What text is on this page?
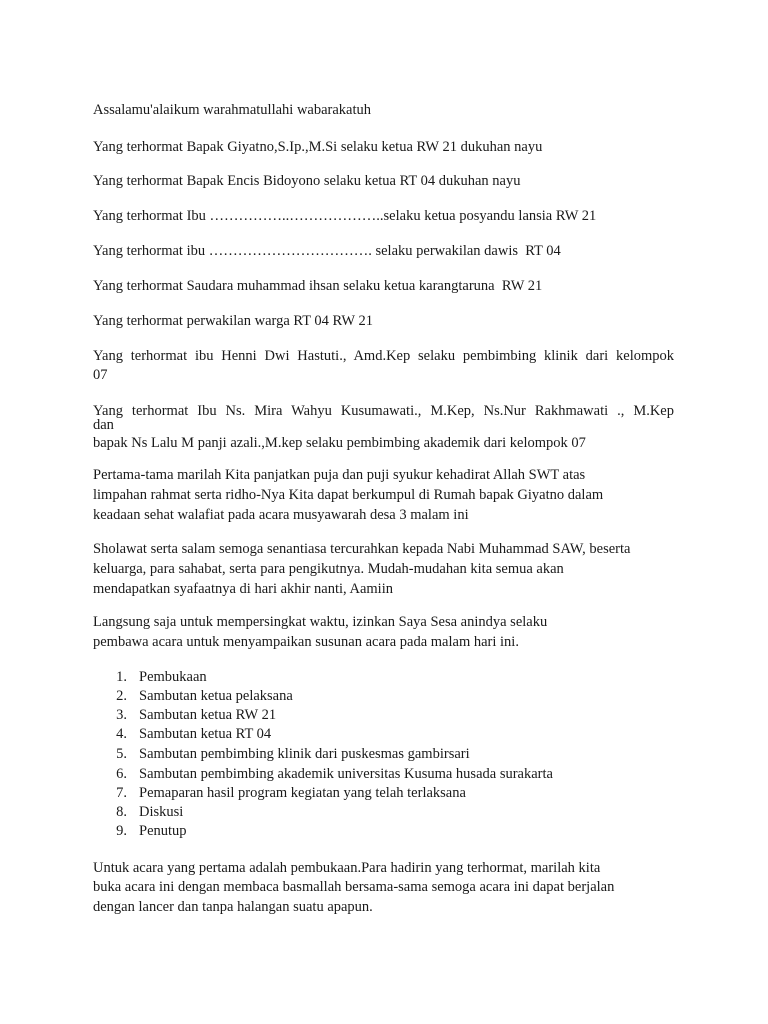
Assalamu'alaikum warahmatullahi wabarakatuh
Yang terhormat Bapak Giyatno,S.Ip.,M.Si selaku ketua RW 21 dukuhan nayu
Yang terhormat Bapak Encis Bidoyono selaku ketua RT 04 dukuhan nayu
Yang terhormat Ibu ……………..………………..selaku ketua posyandu lansia RW 21
Yang terhormat ibu ……………………………. selaku perwakilan dawis  RT 04
Yang terhormat Saudara muhammad ihsan selaku ketua karangtaruna  RW 21
Yang terhormat perwakilan warga RT 04 RW 21
Yang terhormat ibu Henni Dwi Hastuti., Amd.Kep selaku pembimbing klinik dari kelompok
07
Yang terhormat Ibu Ns. Mira Wahyu Kusumawati., M.Kep, Ns.Nur Rakhmawati ., M.Kep
dan
bapak Ns Lalu M panji azali.,M.kep selaku pembimbing akademik dari kelompok 07
Pertama-tama marilah Kita panjatkan puja dan puji syukur kehadirat Allah SWT atas
limpahan rahmat serta ridho-Nya Kita dapat berkumpul di Rumah bapak Giyatno dalam
keadaan sehat walafiat pada acara musyawarah desa 3 malam ini
Sholawat serta salam semoga senantiasa tercurahkan kepada Nabi Muhammad SAW, beserta
keluarga, para sahabat, serta para pengikutnya. Mudah-mudahan kita semua akan
mendapatkan syafaatnya di hari akhir nanti, Aamiin
Langsung saja untuk mempersingkat waktu, izinkan Saya Sesa anindya selaku
pembawa acara untuk menyampaikan susunan acara pada malam hari ini.
1. Pembukaan
2. Sambutan ketua pelaksana
3. Sambutan ketua RW 21
4. Sambutan ketua RT 04
5. Sambutan pembimbing klinik dari puskesmas gambirsari
6. Sambutan pembimbing akademik universitas Kusuma husada surakarta
7. Pemaparan hasil program kegiatan yang telah terlaksana
8. Diskusi
9. Penutup
Untuk acara yang pertama adalah pembukaan.Para hadirin yang terhormat, marilah kita
buka acara ini dengan membaca basmallah bersama-sama semoga acara ini dapat berjalan
dengan lancer dan tanpa halangan suatu apapun.
